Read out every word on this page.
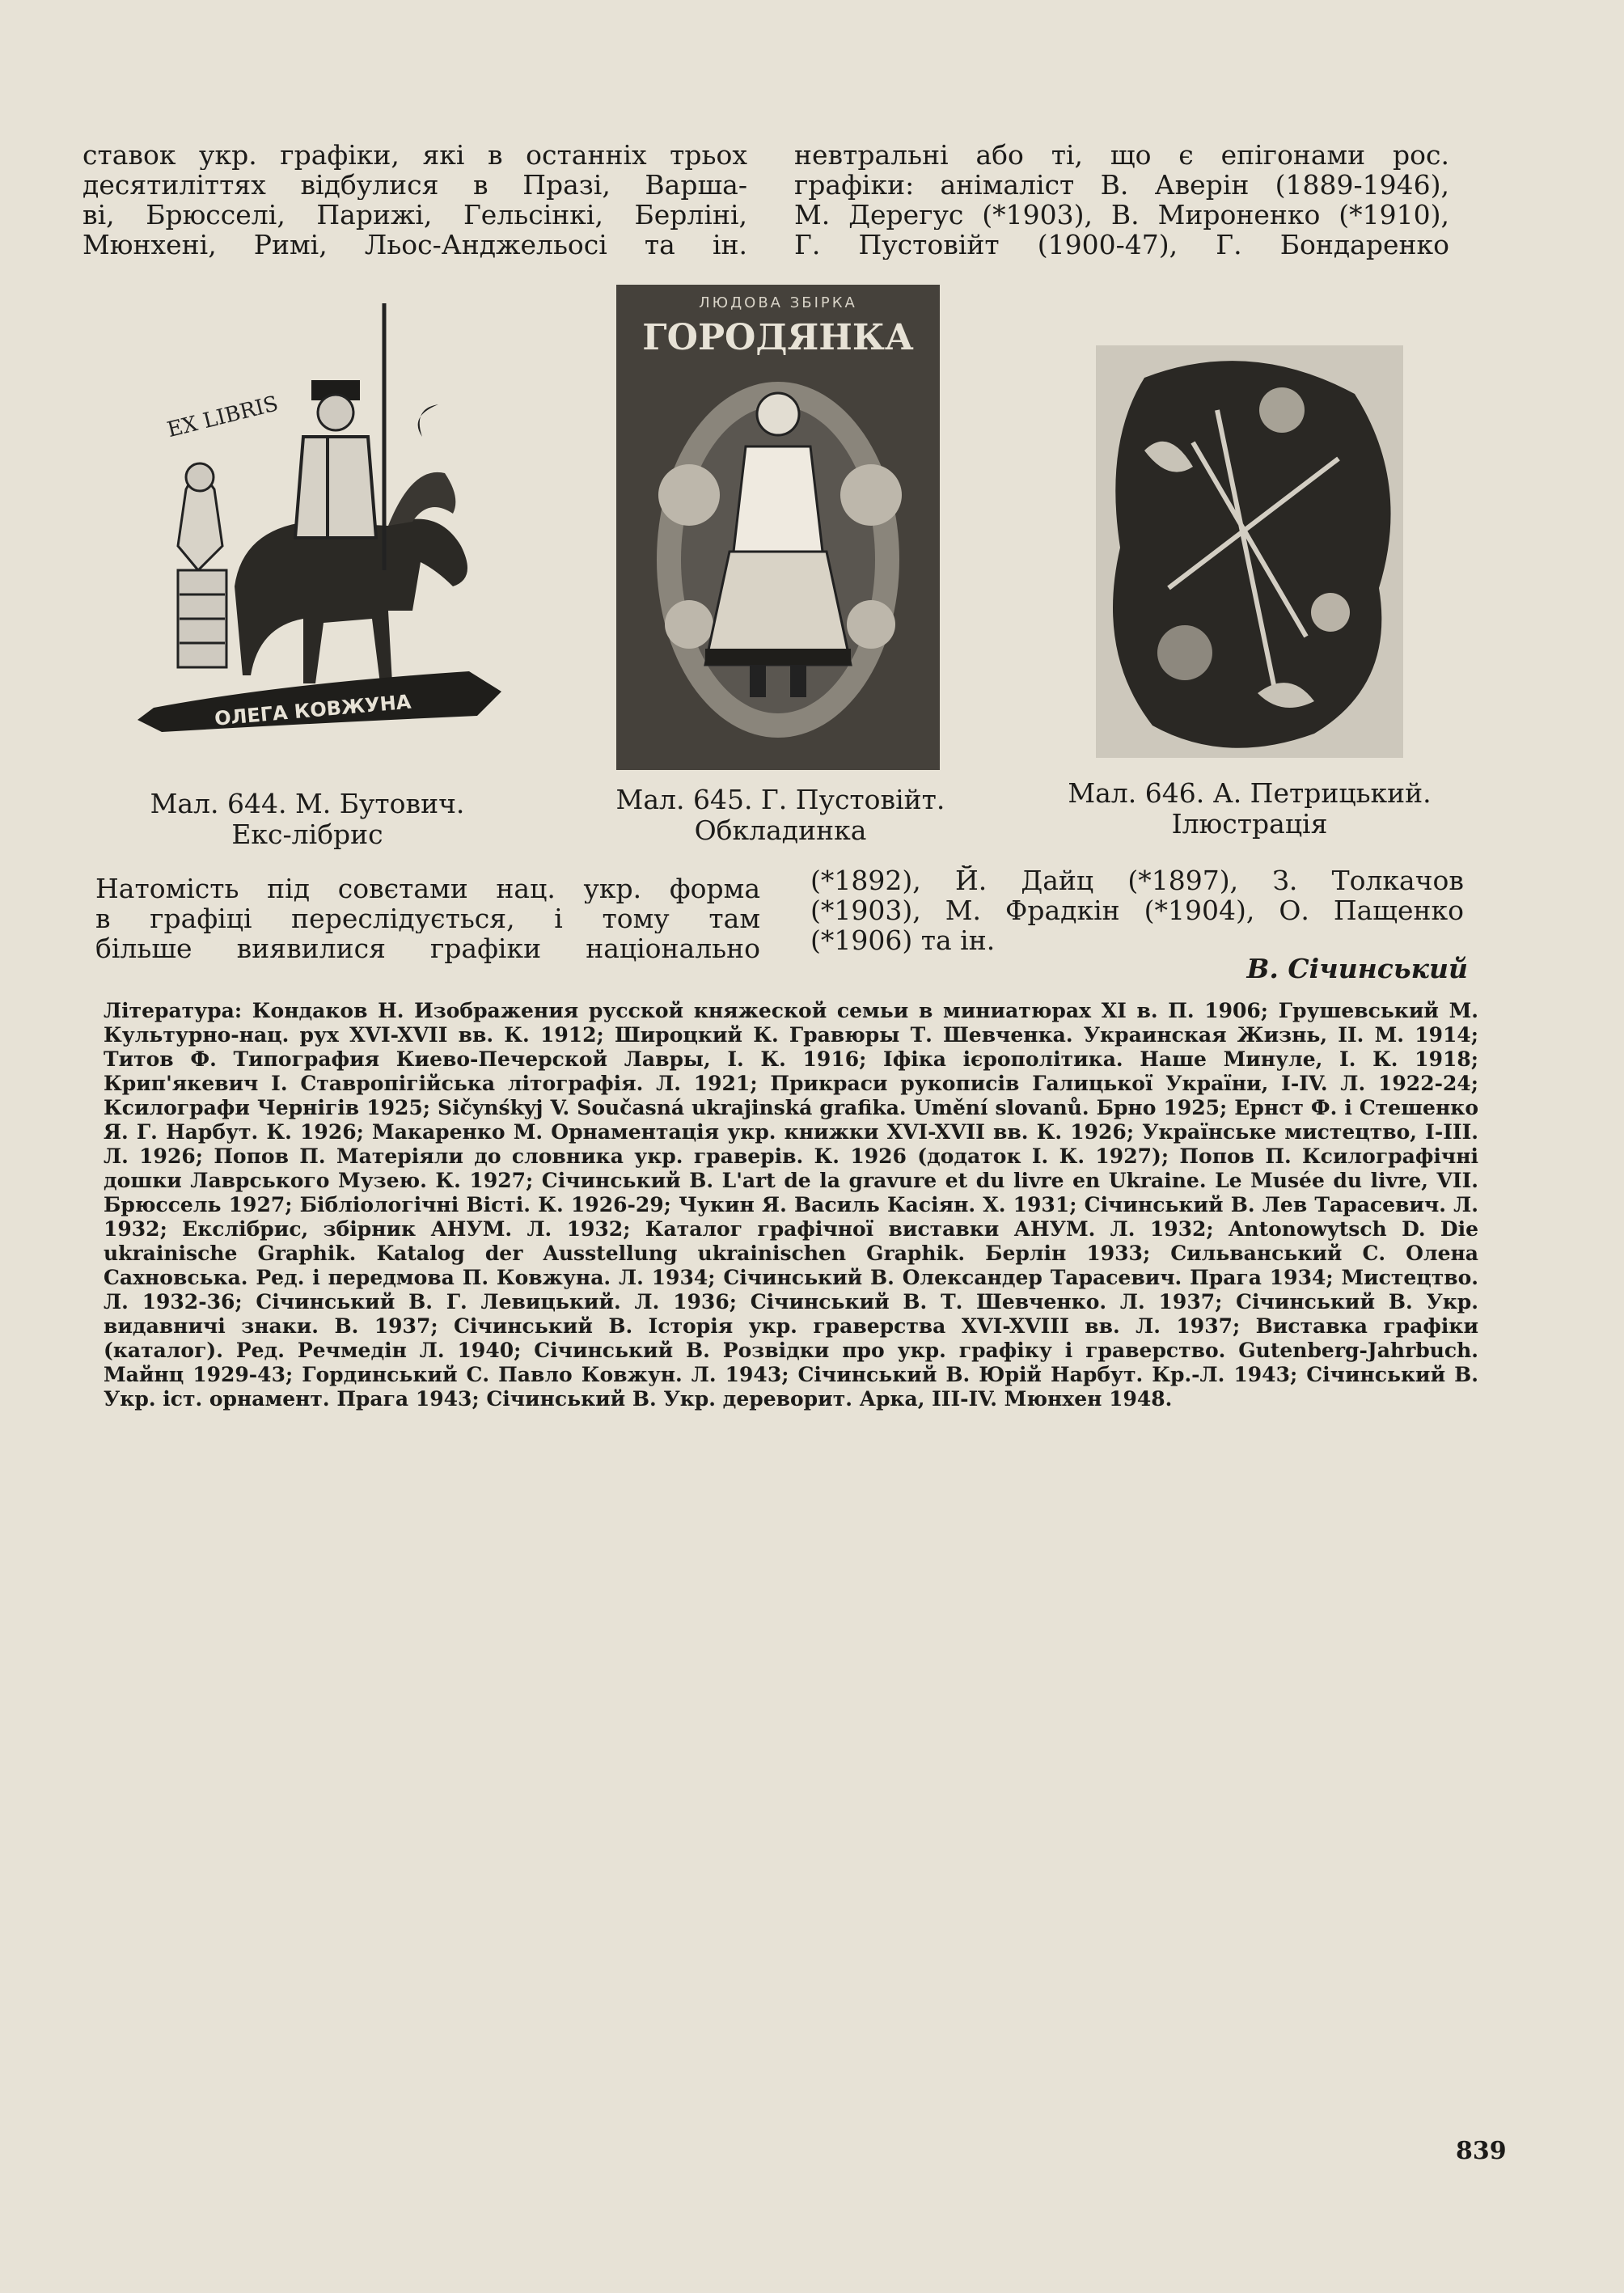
ставок укр. графіки, які в останніх трьох
десятиліттях відбулися в Празі, Варша-
ві, Брюсселі, Парижі, Гельсінкі, Берліні,
Мюнхені, Римі, Льос-Анджельосі та ін.
невтральні або ті, що є епігонами рос.
графіки: анімаліст В. Аверін (1889-1946),
М. Дерегус (*1903), В. Мироненко (*1910),
Г. Пустовійт (1900-47), Г. Бондаренко
EX LIBRIS
ОЛЕГА КОВЖУНА
Мал. 644. М. Бутович.
Екс-лібрис
ЛЮДОВА ЗБІРКА
ГОРОДЯНКА
Мал. 645. Г. Пустовійт.
Обкладинка
Мал. 646. А. Петрицький.
Ілюстрація
Натомість під совєтами нац. укр. форма
в графіці переслідується, і тому там
більше виявилися графіки національно
(*1892), Й. Дайц (*1897), З. Толкачов
(*1903), М. Фрадкін (*1904), О. Пащенко
(*1906) та ін.
В. Січинський
Література: Кондаков Н. Изображения русской княжеской семьи в миниатюрах XI в. П. 1906; Грушевський М. Культурно-нац. рух XVI-XVII вв. К. 1912; Широцкий К. Гравюры Т. Шевченка. Украинская Жизнь, II. М. 1914; Титов Ф. Типография Киево-Печерской Лавры, I. К. 1916; Іфіка ієрополітика. Наше Минуле, I. К. 1918; Крип'якевич І. Ставропігійська літографія. Л. 1921; Прикраси рукописів Галицької України, I-IV. Л. 1922-24; Ксилографи Чернігів 1925; Sičynśkyj V. Současná ukrajinská grafika. Umění slovanů. Брно 1925; Ернст Ф. і Стешенко Я. Г. Нарбут. К. 1926; Макаренко М. Орнаментація укр. книжки XVI-XVII вв. К. 1926; Українське мистецтво, I-III. Л. 1926; Попов П. Матеріяли до словника укр. граверів. К. 1926 (додаток I. К. 1927); Попов П. Ксилографічні дошки Лаврського Музею. К. 1927; Січинський В. L'art de la gravure et du livre en Ukraine. Le Musée du livre, VII. Брюссель 1927; Бібліологічні Вісті. К. 1926-29; Чукин Я. Василь Касіян. Х. 1931; Січинський В. Лев Тарасевич. Л. 1932; Екслібрис, збірник АНУМ. Л. 1932; Каталог графічної виставки АНУМ. Л. 1932; Antonowytsch D. Die ukrainische Graphik. Katalog der Ausstellung ukrainischen Graphik. Берлін 1933; Сильванський С. Олена Сахновська. Ред. і передмова П. Ковжуна. Л. 1934; Січинський В. Олександер Тарасевич. Прага 1934; Мистецтво. Л. 1932-36; Січинський В. Г. Левицький. Л. 1936; Січинський В. Т. Шевченко. Л. 1937; Січинський В. Укр. видавничі знаки. В. 1937; Січинський В. Історія укр. граверства XVI-XVIII вв. Л. 1937; Виставка графіки (каталог). Ред. Речмедін Л. 1940; Січинський В. Розвідки про укр. графіку і граверство. Gutenberg-Jahrbuch. Майнц 1929-43; Гординський С. Павло Ковжун. Л. 1943; Січинський В. Юрій Нарбут. Кр.-Л. 1943; Січинський В. Укр. іст. орнамент. Прага 1943; Січинський В. Укр. дереворит. Арка, III-IV. Мюнхен 1948.
839
